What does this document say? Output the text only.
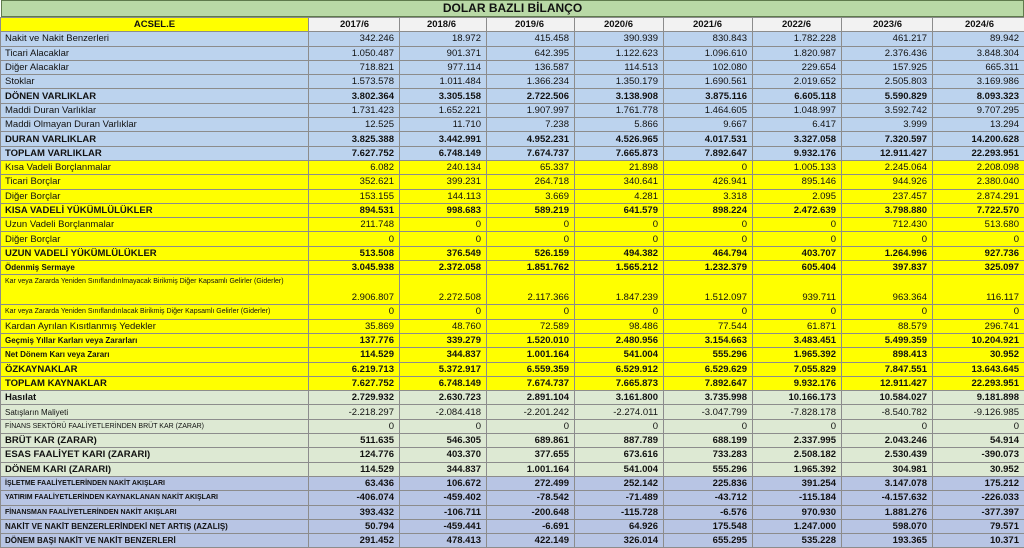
DOLAR BAZLI BİLANÇO
ACSEL.E	2017/6	2018/6	2019/6	2020/6	2021/6	2022/6	2023/6	2024/6
Nakit ve Nakit Benzerleri	342.246	18.972	415.458	390.939	830.843	1.782.228	461.217	89.942
Ticari Alacaklar	1.050.487	901.371	642.395	1.122.623	1.096.610	1.820.987	2.376.436	3.848.304
Diğer Alacaklar	718.821	977.114	136.587	114.513	102.080	229.654	157.925	665.311
Stoklar	1.573.578	1.011.484	1.366.234	1.350.179	1.690.561	2.019.652	2.505.803	3.169.986
DÖNEN VARLIKLAR	3.802.364	3.305.158	2.722.506	3.138.908	3.875.116	6.605.118	5.590.829	8.093.323
Maddi Duran Varlıklar	1.731.423	1.652.221	1.907.997	1.761.778	1.464.605	1.048.997	3.592.742	9.707.295
Maddi Olmayan Duran Varlıklar	12.525	11.710	7.238	5.866	9.667	6.417	3.999	13.294
DURAN VARLIKLAR	3.825.388	3.442.991	4.952.231	4.526.965	4.017.531	3.327.058	7.320.597	14.200.628
TOPLAM VARLIKLAR	7.627.752	6.748.149	7.674.737	7.665.873	7.892.647	9.932.176	12.911.427	22.293.951
Kısa Vadeli Borçlanmalar	6.082	240.134	65.337	21.898	0	1.005.133	2.245.064	2.208.098
Ticari Borçlar	352.621	399.231	264.718	340.641	426.941	895.146	944.926	2.380.040
Diğer Borçlar	153.155	144.113	3.669	4.281	3.318	2.095	237.457	2.874.291
KISA VADELİ YÜKÜMLÜLÜKLER	894.531	998.683	589.219	641.579	898.224	2.472.639	3.798.880	7.722.570
Uzun Vadeli Borçlanmalar	211.748	0	0	0	0	0	712.430	513.680
Diğer Borçlar	0	0	0	0	0	0	0	0
UZUN VADELİ YÜKÜMLÜLÜKLER	513.508	376.549	526.159	494.382	464.794	403.707	1.264.996	927.736
Ödenmiş Sermaye	3.045.938	2.372.058	1.851.762	1.565.212	1.232.379	605.404	397.837	325.097
Kar veya Zararda Yeniden Sınıflandırılmayacak Birikmiş Diğer Kapsamlı Gelirler (Giderler)	2.906.807	2.272.508	2.117.366	1.847.239	1.512.097	939.711	963.364	116.117
Kar veya Zararda Yeniden Sınıflandırılacak Birikmiş Diğer Kapsamlı Gelirler (Giderler)	0	0	0	0	0	0	0	0
Kardan Ayrılan Kısıtlanmış Yedekler	35.869	48.760	72.589	98.486	77.544	61.871	88.579	296.741
Geçmiş Yıllar Karları veya Zararları	137.776	339.279	1.520.010	2.480.956	3.154.663	3.483.451	5.499.359	10.204.921
Net Dönem Karı veya Zararı	114.529	344.837	1.001.164	541.004	555.296	1.965.392	898.413	30.952
ÖZKAYNAKLAR	6.219.713	5.372.917	6.559.359	6.529.912	6.529.629	7.055.829	7.847.551	13.643.645
TOPLAM KAYNAKLAR	7.627.752	6.748.149	7.674.737	7.665.873	7.892.647	9.932.176	12.911.427	22.293.951
Hasılat	2.729.932	2.630.723	2.891.104	3.161.800	3.735.998	10.166.173	10.584.027	9.181.898
Satışların Maliyeti	-2.218.297	-2.084.418	-2.201.242	-2.274.011	-3.047.799	-7.828.178	-8.540.782	-9.126.985
FİNANS SEKTÖRÜ FAALİYETLERİNDEN BRÜT KAR (ZARAR)	0	0	0	0	0	0	0	0
BRÜT KAR (ZARAR)	511.635	546.305	689.861	887.789	688.199	2.337.995	2.043.246	54.914
ESAS FAALİYET KARI (ZARARI)	124.776	403.370	377.655	673.616	733.283	2.508.182	2.530.439	-390.073
DÖNEM KARI (ZARARI)	114.529	344.837	1.001.164	541.004	555.296	1.965.392	304.981	30.952
İŞLETME FAALİYETLERİNDEN NAKİT AKIŞLARI	63.436	106.672	272.499	252.142	225.836	391.254	3.147.078	175.212
YATIRIM FAALİYETLERİNDEN KAYNAKLANAN NAKİT AKIŞLARI	-406.074	-459.402	-78.542	-71.489	-43.712	-115.184	-4.157.632	-226.033
FİNANSMAN FAALİYETLERİNDEN NAKİT AKIŞLARI	393.432	-106.711	-200.648	-115.728	-6.576	970.930	1.881.276	-377.397
NAKİT VE NAKİT BENZERLERİNDEKİ NET ARTIŞ (AZALIŞ)	50.794	-459.441	-6.691	64.926	175.548	1.247.000	598.070	79.571
DÖNEM BAŞI NAKİT VE NAKİT BENZERLERİ	291.452	478.413	422.149	326.014	655.295	535.228	193.365	10.371
